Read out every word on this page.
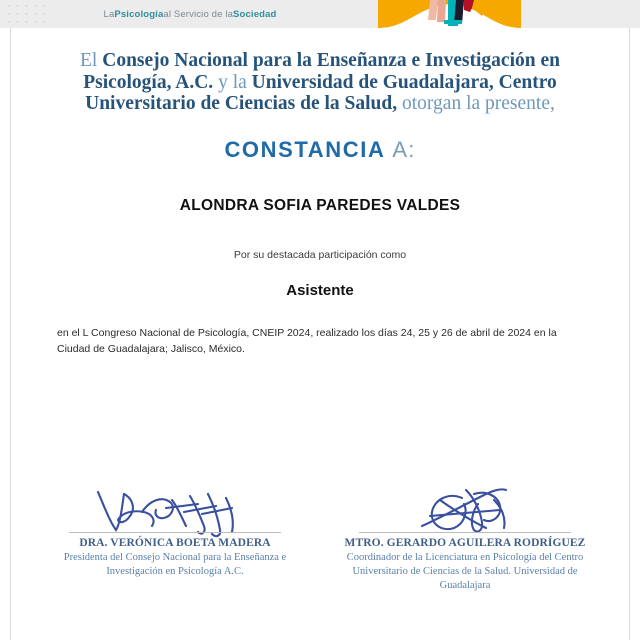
La Psicología al Servicio de la Sociedad
El Consejo Nacional para la Enseñanza e Investigación en Psicología, A.C. y la Universidad de Guadalajara, Centro Universitario de Ciencias de la Salud, otorgan la presente,

CONSTANCIA A:

ALONDRA SOFIA PAREDES VALDES

Por su destacada participación como

Asistente

en el L Congreso Nacional de Psicología, CNEIP 2024, realizado los días 24, 25 y 26 de abril de 2024 en la Ciudad de Guadalajara; Jalisco, México.

DRA. VERÓNICA BOETA MADERA

Presidenta del Consejo Nacional para la Enseñanza e Investigación en Psicología A.C.

MTRO. GERARDO AGUILERA RODRÍGUEZ

Coordinador de la Licenciatura en Psicología del Centro Universitario de Ciencias de la Salud. Universidad de Guadalajara
